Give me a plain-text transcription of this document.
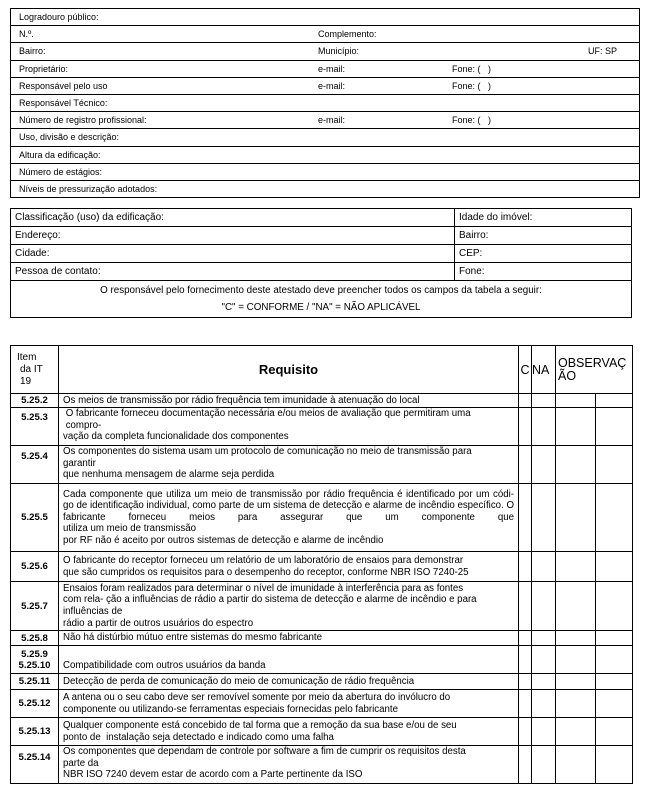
Logradouro público:
N.º.	Complemento:

Bairro:	Município:	UF: SP

Proprietário:	e-mail:	Fone: (   )

Responsável pelo uso	e-mail:	Fone: (   )

Responsável Técnico:
Número de registro profissional:	e-mail:	Fone: (   )

Uso, divisão e descrição:
Altura da edificação:
Número de estágios:
Níveis de pressurização adotados:
Classificação (uso) da edificação:	Idade do imóvel:
Endereço:	Bairro:
Cidade:	CEP:
Pessoa de contato:	Fone:

O responsável pelo fornecimento deste atestado deve preencher todos os campos da tabela a seguir:
"C" = CONFORME / "NA" = NÃO APLICÁVEL	
Item
da IT
19	Requisito	C	NA	OBSERVAÇ
ÃO	

5.25.2	Os meios de transmissão por rádio frequência tem imunidade à atenuação do local				

5.25.3	O fabricante forneceu documentação necessária e/ou meios de avaliação que permitiram uma
compro-
vação da completa funcionalidade dos componentes				

5.25.4	Os componentes do sistema usam um protocolo de comunicação no meio de transmissão para
garantir
que nenhuma mensagem de alarme seja perdida				

5.25.5	Cada componente que utiliza um meio de transmissão por rádio frequência é identificado por um códi- go de identificação individual, como parte de um sistema de detecção e alarme de incêndio específico. O fabricante forneceu meios para assegurar que um componente que
utiliza um meio de transmissão
por RF não é aceito por outros sistemas de detecção e alarme de incêndio				

5.25.6	O fabricante do receptor forneceu um relatório de um laboratório de ensaios para demonstrar
que são cumpridos os requisitos para o desempenho do receptor, conforme NBR ISO 7240-25				

5.25.7	Ensaios foram realizados para determinar o nível de imunidade à interferência para as fontes
com rela- ção a influências de rádio a partir do sistema de detecção e alarme de incêndio e para
influências de
rádio a partir de outros usuários do espectro				

5.25.8	Não há distúrbio mútuo entre sistemas do mesmo fabricante				

5.25.9
5.25.10	Compatibilidade com outros usuários da banda				

5.25.11	Detecção de perda de comunicação do meio de comunicação de rádio frequência				

5.25.12	A antena ou o seu cabo deve ser removível somente por meio da abertura do invólucro do
componente ou utilizando-se ferramentas especiais fornecidas pelo fabricante				

5.25.13	Qualquer componente está concebido de tal forma que a remoção da sua base e/ou de seu
ponto de  instalação seja detectado e indicado como uma falha				

5.25.14	Os componentes que dependam de controle por software a fim de cumprir os requisitos desta
parte da
NBR ISO 7240 devem estar de acordo com a Parte pertinente da ISO				
